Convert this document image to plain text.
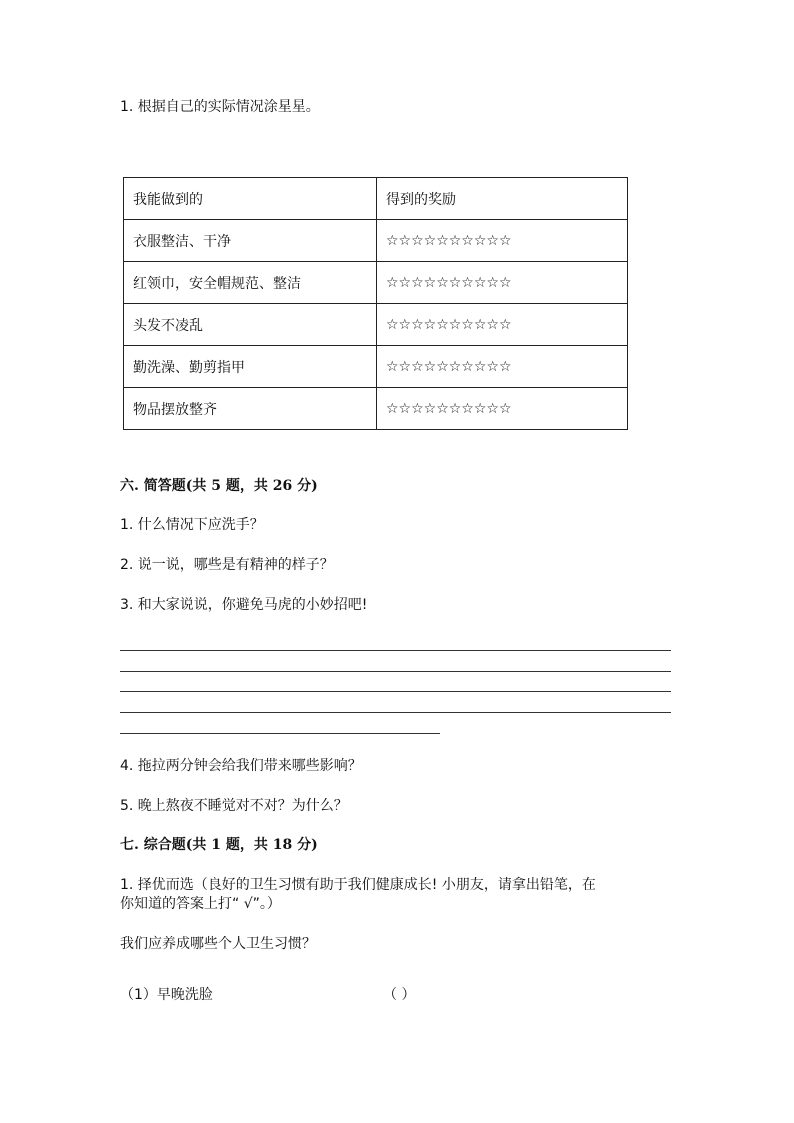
1. 根据自己的实际情况涂星星。
我能做到的	得到的奖励
衣服整洁、干净	☆☆☆☆☆☆☆☆☆☆
红领巾，安全帽规范、整洁	☆☆☆☆☆☆☆☆☆☆
头发不凌乱	☆☆☆☆☆☆☆☆☆☆
勤洗澡、勤剪指甲	☆☆☆☆☆☆☆☆☆☆
物品摆放整齐	☆☆☆☆☆☆☆☆☆☆
六. 简答题(共 5 题，共 26 分)
1. 什么情况下应洗手？
2. 说一说，哪些是有精神的样子？
3. 和大家说说，你避免马虎的小妙招吧!
4. 拖拉两分钟会给我们带来哪些影响？
5. 晚上熬夜不睡觉对不对？为什么？
七. 综合题(共 1 题，共 18 分)
1. 择优而选（良好的卫生习惯有助于我们健康成长! 小朋友，请拿出铅笔，在
你知道的答案上打“ √”。）
我们应养成哪些个人卫生习惯？
（1）早晚洗脸	（ ）
